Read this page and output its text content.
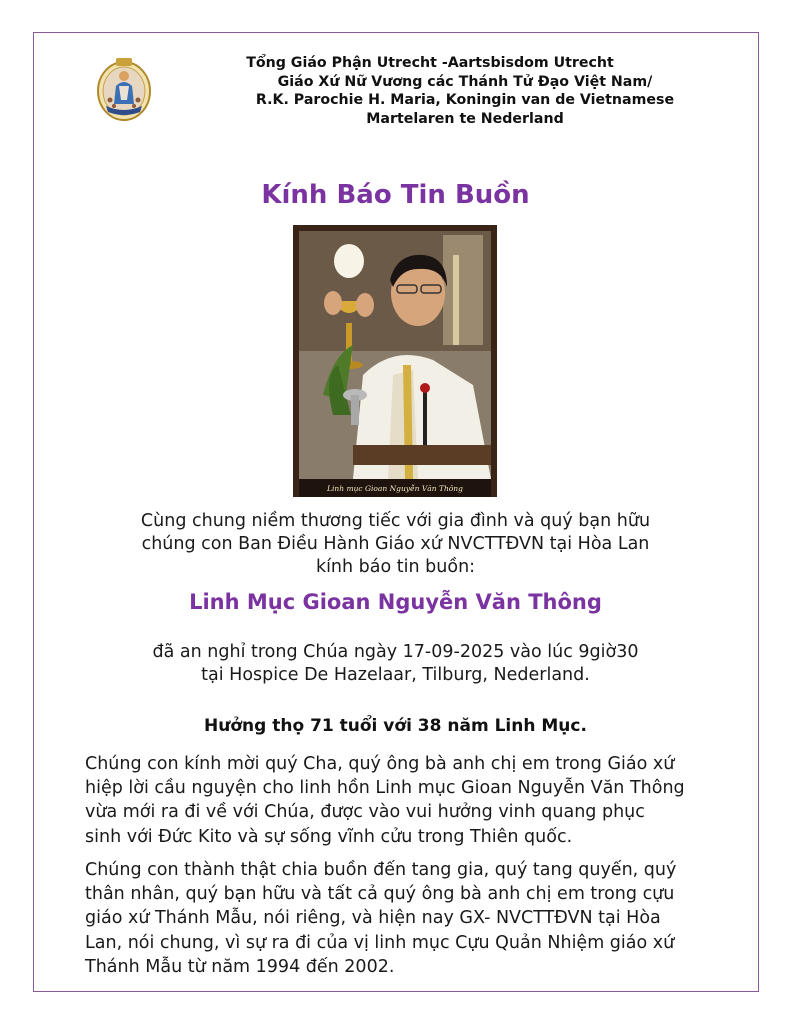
Tổng Giáo Phận Utrecht -Aartsbisdom Utrecht
Giáo Xứ Nữ Vương các Thánh Tử Đạo Việt Nam/
R.K. Parochie H. Maria, Koningin van de Vietnamese
Martelaren te Nederland
Kính Báo Tin Buồn
Linh mục Gioan Nguyễn Văn Thông
Cùng chung niềm thương tiếc với gia đình và quý bạn hữu
chúng con Ban Điều Hành Giáo xứ NVCTTĐVN tại Hòa Lan
kính báo tin buồn:
Linh Mục Gioan Nguyễn Văn Thông
đã an nghỉ trong Chúa ngày 17-09-2025 vào lúc 9giờ30
tại Hospice De Hazelaar, Tilburg, Nederland.
Hưởng thọ 71 tuổi với 38 năm Linh Mục.
Chúng con kính mời quý Cha, quý ông bà anh chị em trong Giáo xứ
hiệp lời cầu nguyện cho linh hồn Linh mục Gioan Nguyễn Văn Thông
vừa mới ra đi về với Chúa, được vào vui hưởng vinh quang phục
sinh với Đức Kito và sự sống vĩnh cửu trong Thiên quốc.
Chúng con thành thật chia buồn đến tang gia, quý tang quyến, quý
thân nhân, quý bạn hữu và tất cả quý ông bà anh chị em trong cựu
giáo xứ Thánh Mẫu, nói riêng, và hiện nay GX- NVCTTĐVN tại Hòa
Lan, nói chung, vì sự ra đi của vị linh mục Cựu Quản Nhiệm giáo xứ
Thánh Mẫu từ năm 1994 đến 2002.
